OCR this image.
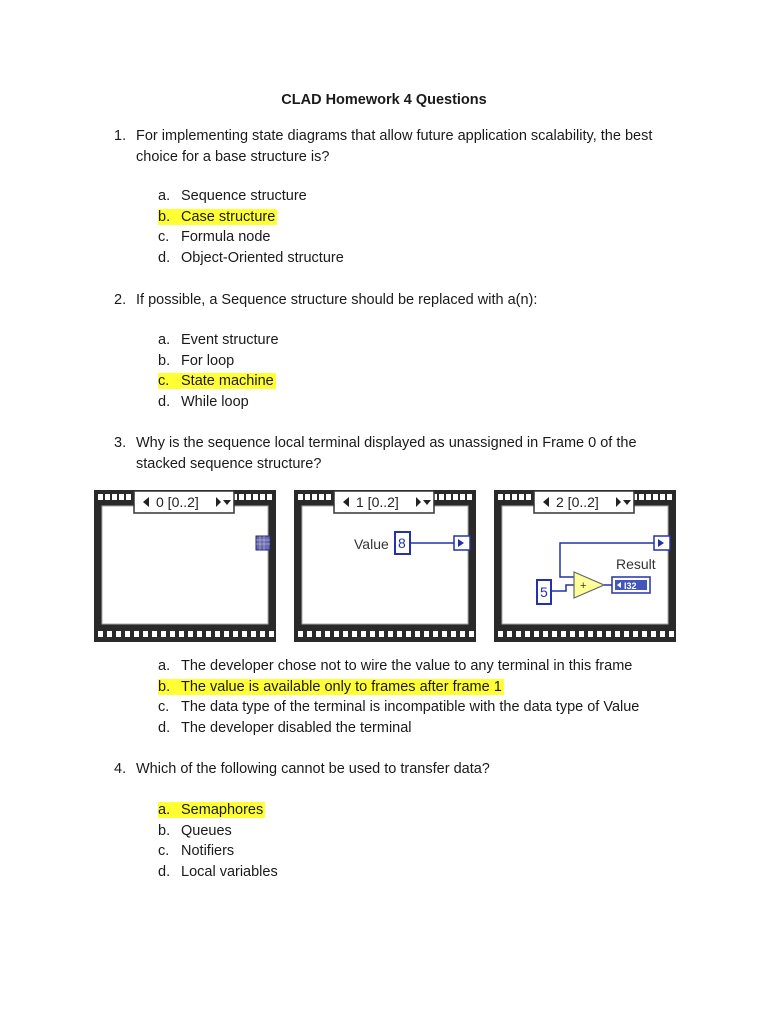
CLAD Homework 4 Questions
1. For implementing state diagrams that allow future application scalability, the best choice for a base structure is?
a. Sequence structure
b. Case structure
c. Formula node
d. Object-Oriented structure
2. If possible, a Sequence structure should be replaced with a(n):
a. Event structure
b. For loop
c. State machine
d. While loop
3. Why is the sequence local terminal displayed as unassigned in Frame 0 of the stacked sequence structure?
0 [0..2]	1 [0..2]
Value 8
2 [0..2]
Result
5	+	I32
a. The developer chose not to wire the value to any terminal in this frame
b. The value is available only to frames after frame 1
c. The data type of the terminal is incompatible with the data type of Value
d. The developer disabled the terminal
4. Which of the following cannot be used to transfer data?
a. Semaphores
b. Queues
c. Notifiers
d. Local variables
